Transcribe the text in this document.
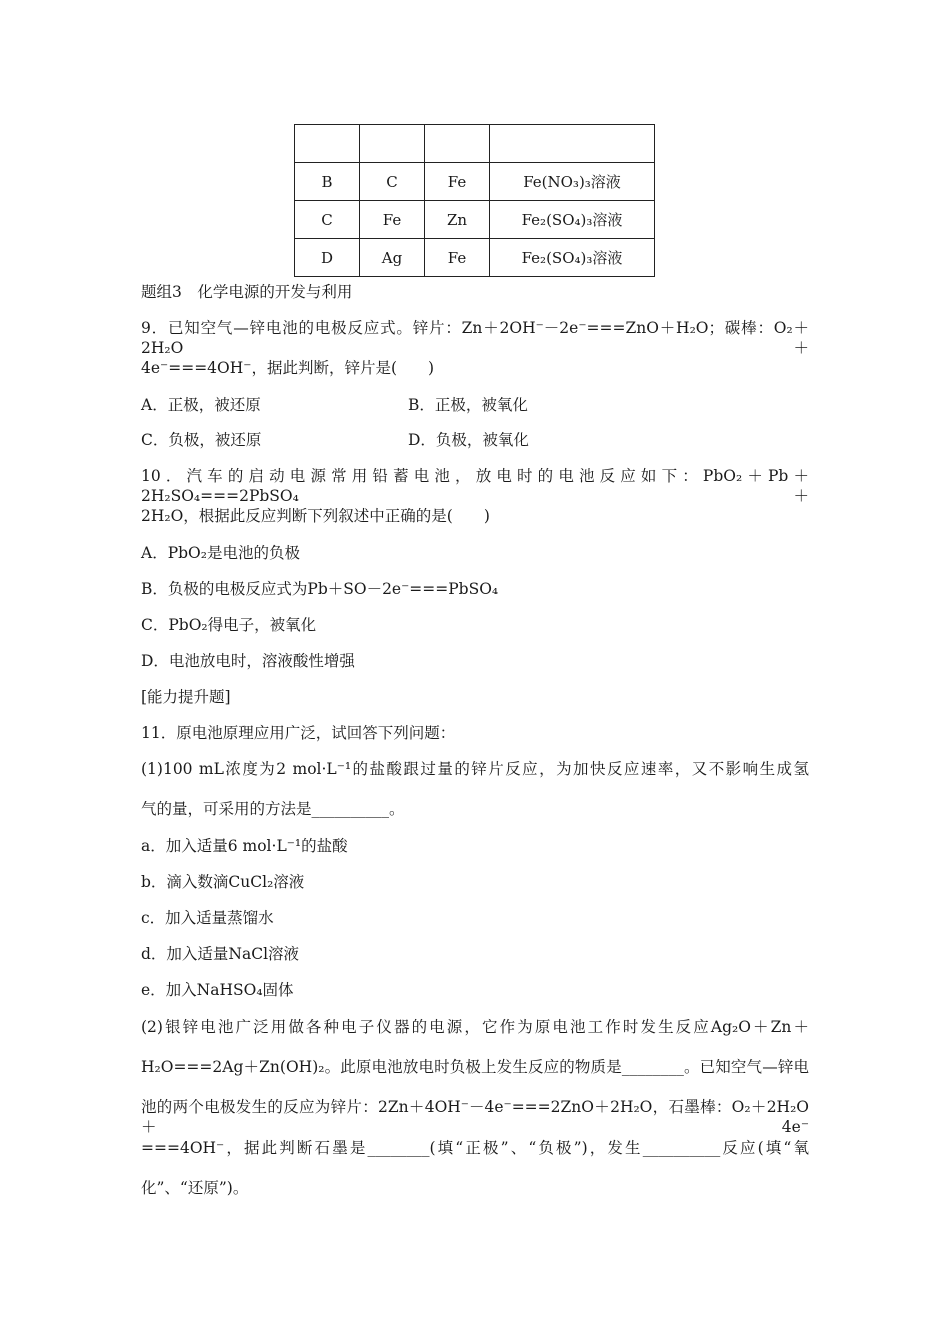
B	C	Fe	Fe(NO₃)₃溶液
C	Fe	Zn	Fe₂(SO₄)₃溶液
D	Ag	Fe	Fe₂(SO₄)₃溶液
题组3　化学电源的开发与利用
9．已知空气—锌电池的电极反应式。锌片：Zn＋2OH⁻－2e⁻===ZnO＋H₂O；碳棒：O₂＋2H₂O＋
4e⁻===4OH⁻，据此判断，锌片是(　　)
A．正极，被还原	B．正极，被氧化
C．负极，被还原	D．负极，被氧化
10．汽车的启动电源常用铅蓄电池，放电时的电池反应如下：PbO₂＋Pb＋2H₂SO₄===2PbSO₄＋
2H₂O，根据此反应判断下列叙述中正确的是(　　)
A．PbO₂是电池的负极
B．负极的电极反应式为Pb＋SO－2e⁻===PbSO₄
C．PbO₂得电子，被氧化
D．电池放电时，溶液酸性增强
[能力提升题]
11．原电池原理应用广泛，试回答下列问题：
(1)100 mL浓度为2 mol·L⁻¹的盐酸跟过量的锌片反应，为加快反应速率，又不影响生成氢
气的量，可采用的方法是__________。
a．加入适量6 mol·L⁻¹的盐酸
b．滴入数滴CuCl₂溶液
c．加入适量蒸馏水
d．加入适量NaCl溶液
e．加入NaHSO₄固体
(2)银锌电池广泛用做各种电子仪器的电源，它作为原电池工作时发生反应Ag₂O＋Zn＋
H₂O===2Ag＋Zn(OH)₂。此原电池放电时负极上发生反应的物质是________。已知空气—锌电
池的两个电极发生的反应为锌片：2Zn＋4OH⁻－4e⁻===2ZnO＋2H₂O，石墨棒：O₂＋2H₂O＋4e⁻
===4OH⁻，据此判断石墨是________(填“正极”、“负极”)，发生__________反应(填“氧
化”、“还原”)。
